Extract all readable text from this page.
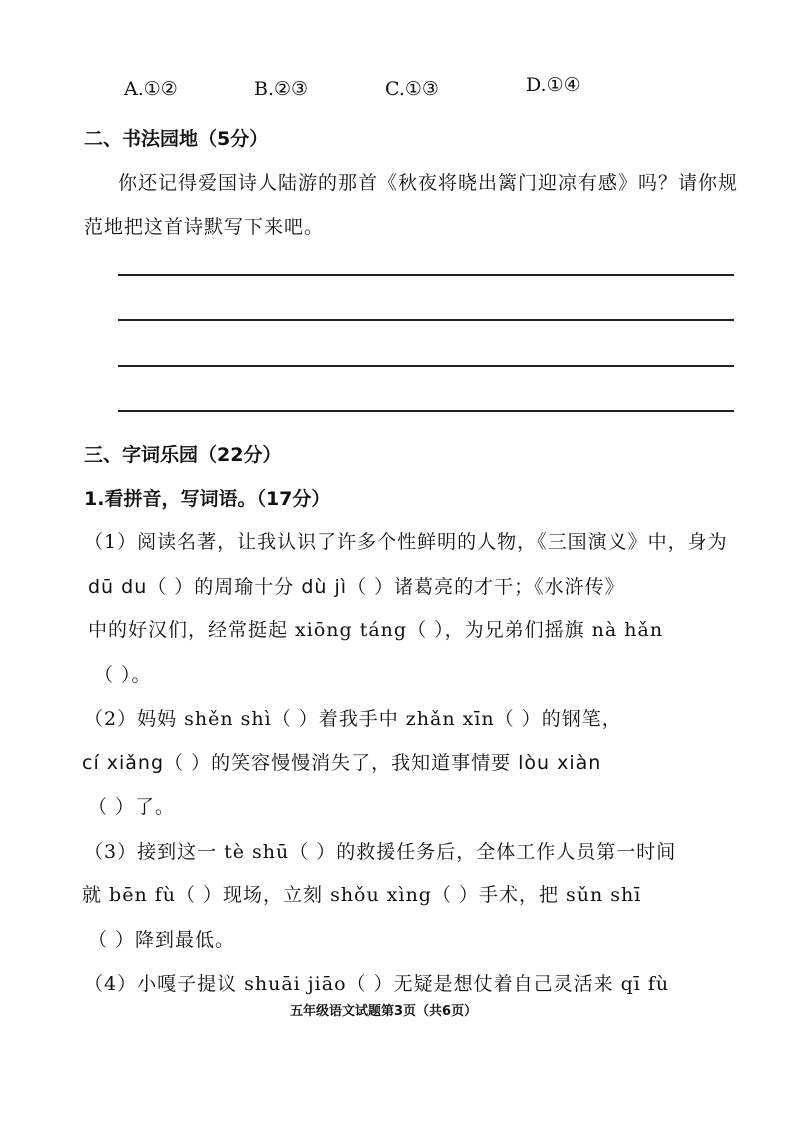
A.①②	B.②③	C.①③	D.①④
二、书法园地（5分）
你还记得爱国诗人陆游的那首《秋夜将晓出篱门迎凉有感》吗？请你规
范地把这首诗默写下来吧。
三、字词乐园（22分）
1.看拼音，写词语。（17分）
（1）阅读名著，让我认识了许多个性鲜明的人物，《三国演义》中，身为
dū du（ ）的周瑜十分 dù jì（ ）诸葛亮的才干；《水浒传》
中的好汉们，经常挺起 xiōng táng（ ），为兄弟们摇旗 nà hǎn
（ ）。
（2）妈妈 shěn shì（ ）着我手中 zhǎn xīn（ ）的钢笔，
cí xiǎng（ ）的笑容慢慢消失了，我知道事情要 lòu xiàn
（ ）了。
（3）接到这一 tè shū（ ）的救援任务后，全体工作人员第一时间
就 bēn fù（ ）现场，立刻 shǒu xìng（ ）手术，把 sǔn shī
（ ）降到最低。
（4）小嘎子提议 shuāi jiāo（ ）无疑是想仗着自己灵活来 qī fù
五年级语文试题第3页（共6页）
